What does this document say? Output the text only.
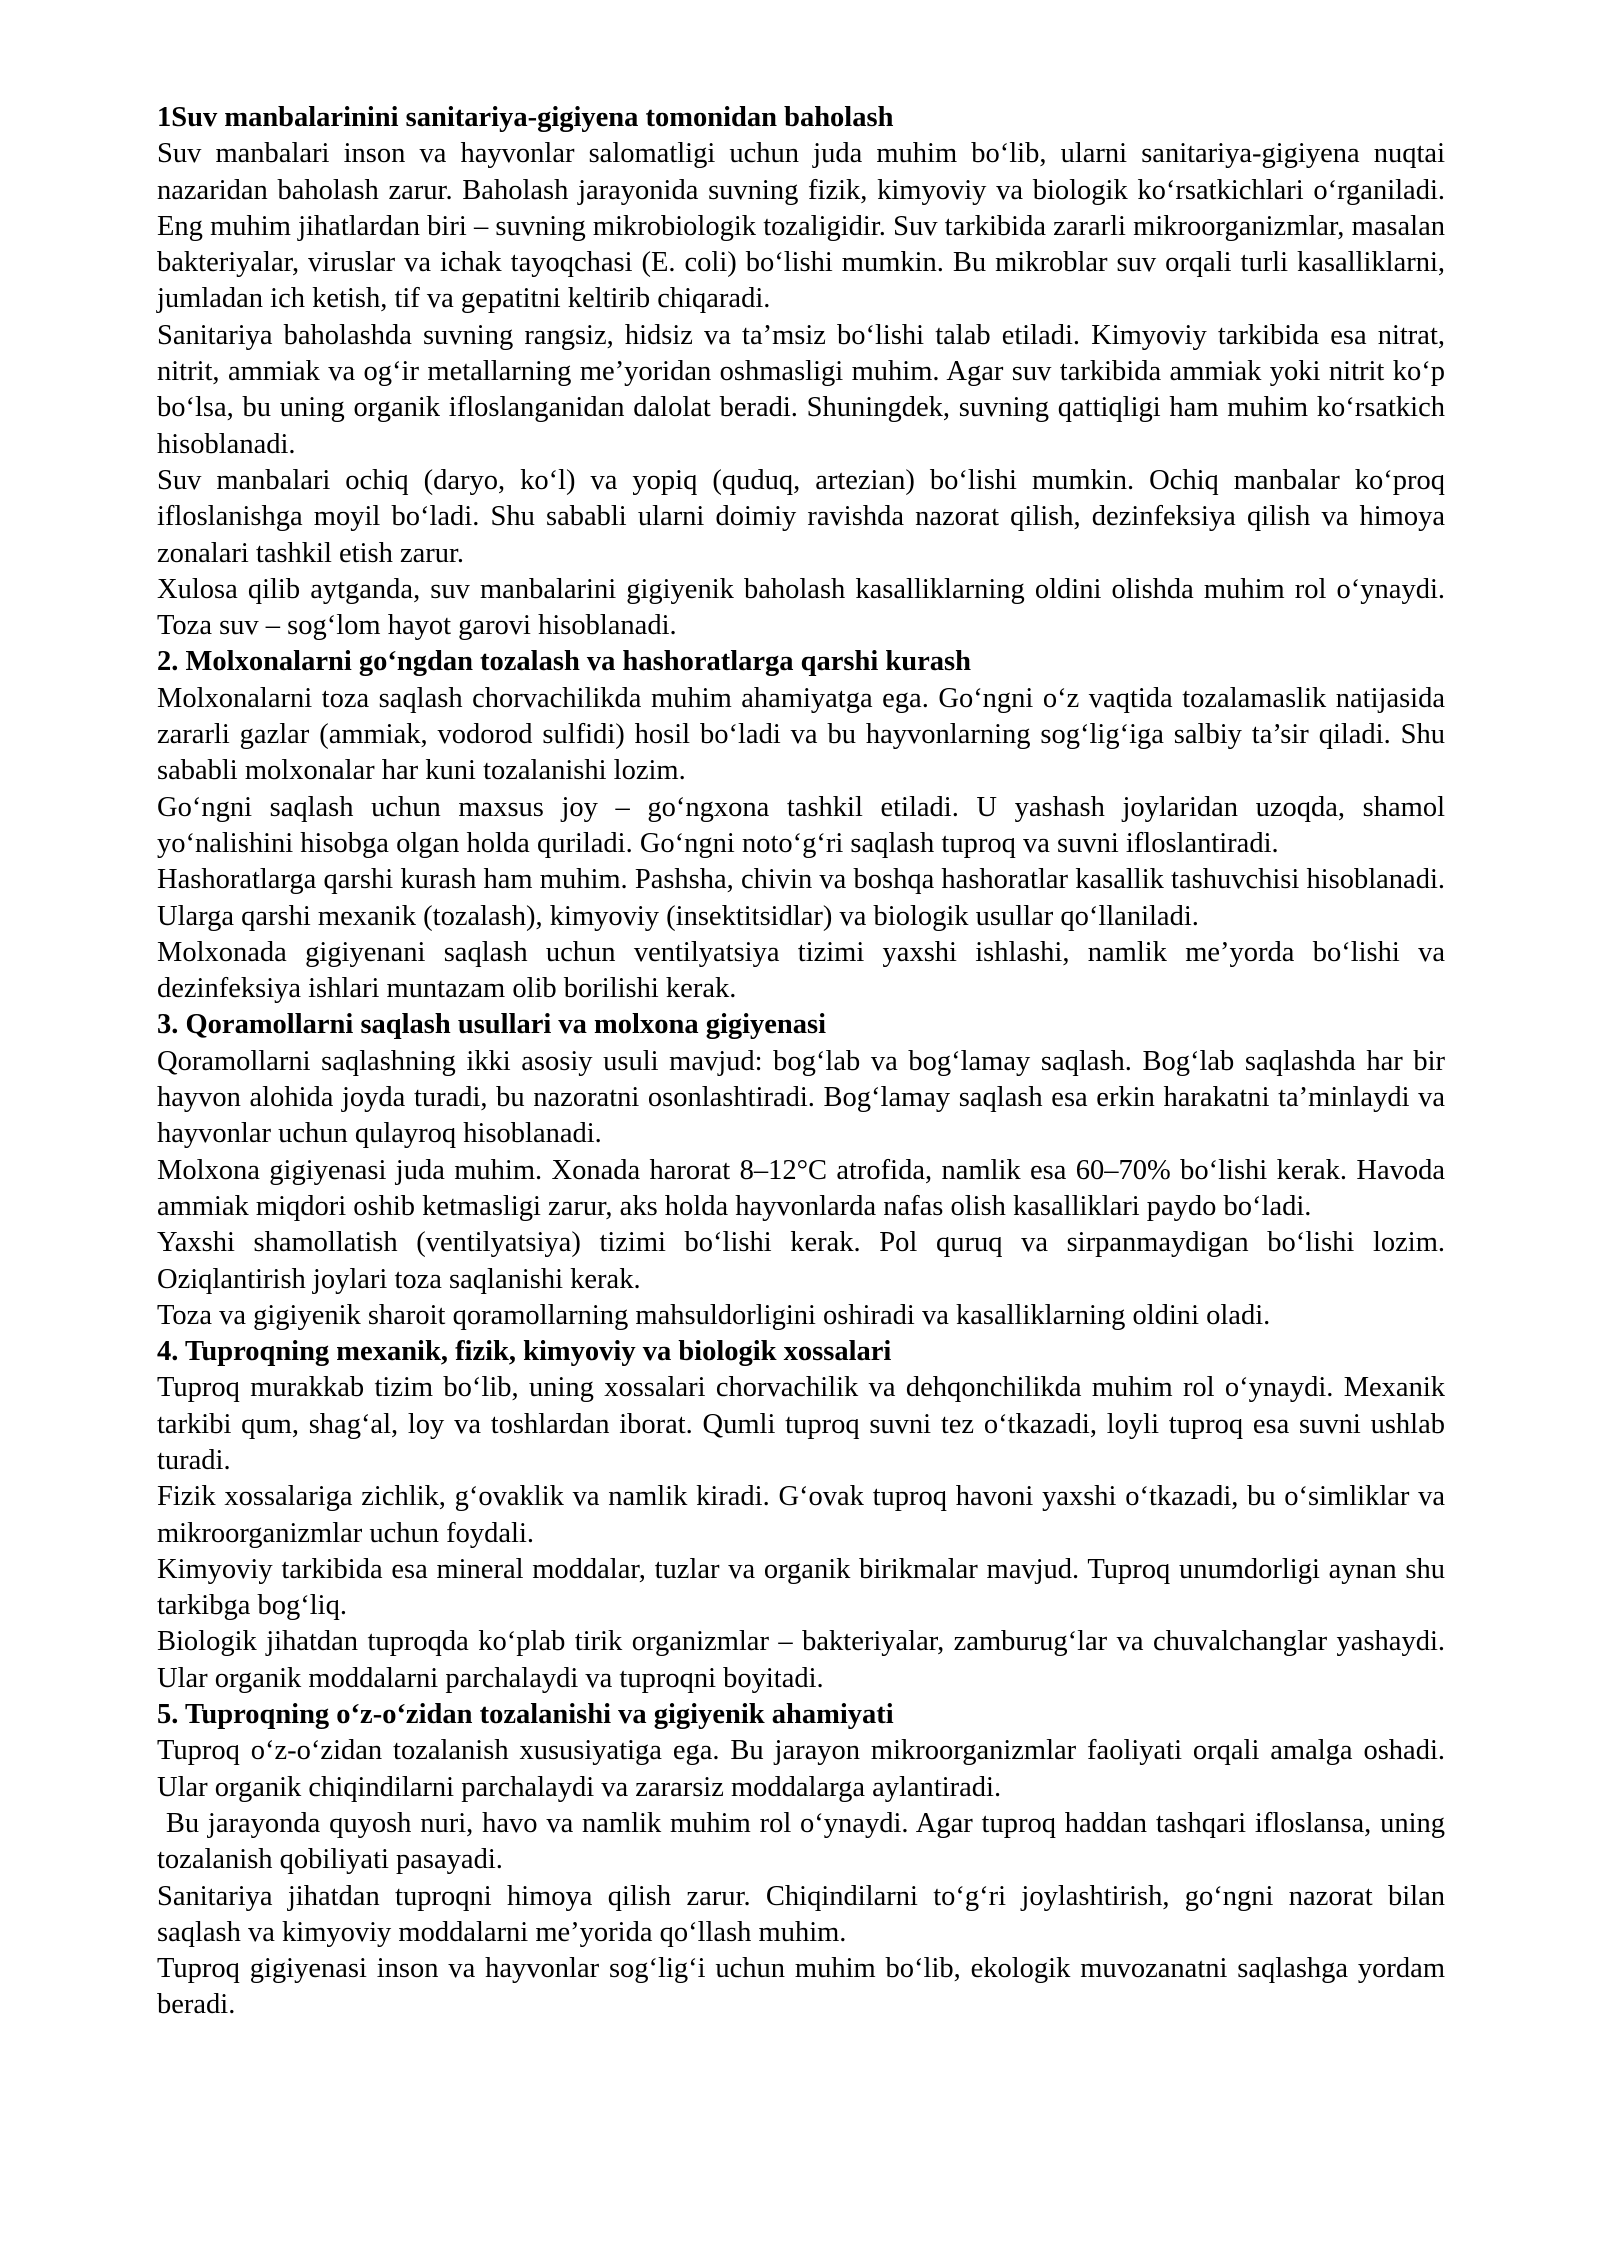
1Suv manbalarinini sanitariya-gigiyena tomonidan baholash

Suv manbalari inson va hayvonlar salomatligi uchun juda muhim bo‘lib, ularni sanitariya-gigiyena nuqtai nazaridan baholash zarur. Baholash jarayonida suvning fizik, kimyoviy va biologik ko‘rsatkichlari o‘rganiladi. Eng muhim jihatlardan biri – suvning mikrobiologik tozaligidir. Suv tarkibida zararli mikroorganizmlar, masalan bakteriyalar, viruslar va ichak tayoqchasi (E. coli) bo‘lishi mumkin. Bu mikroblar suv orqali turli kasalliklarni, jumladan ich ketish, tif va gepatitni keltirib chiqaradi.

Sanitariya baholashda suvning rangsiz, hidsiz va ta’msiz bo‘lishi talab etiladi. Kimyoviy tarkibida esa nitrat, nitrit, ammiak va og‘ir metallarning me’yoridan oshmasligi muhim. Agar suv tarkibida ammiak yoki nitrit ko‘p bo‘lsa, bu uning organik ifloslanganidan dalolat beradi. Shuningdek, suvning qattiqligi ham muhim ko‘rsatkich hisoblanadi.

Suv manbalari ochiq (daryo, ko‘l) va yopiq (quduq, artezian) bo‘lishi mumkin. Ochiq manbalar ko‘proq ifloslanishga moyil bo‘ladi. Shu sababli ularni doimiy ravishda nazorat qilish, dezinfeksiya qilish va himoya zonalari tashkil etish zarur.

Xulosa qilib aytganda, suv manbalarini gigiyenik baholash kasalliklarning oldini olishda muhim rol o‘ynaydi. Toza suv – sog‘lom hayot garovi hisoblanadi.

2. Molxonalarni go‘ngdan tozalash va hashoratlarga qarshi kurash

Molxonalarni toza saqlash chorvachilikda muhim ahamiyatga ega. Go‘ngni o‘z vaqtida tozalamaslik natijasida zararli gazlar (ammiak, vodorod sulfidi) hosil bo‘ladi va bu hayvonlarning sog‘lig‘iga salbiy ta’sir qiladi. Shu sababli molxonalar har kuni tozalanishi lozim.

Go‘ngni saqlash uchun maxsus joy – go‘ngxona tashkil etiladi. U yashash joylaridan uzoqda, shamol yo‘nalishini hisobga olgan holda quriladi. Go‘ngni noto‘g‘ri saqlash tuproq va suvni ifloslantiradi.

Hashoratlarga qarshi kurash ham muhim. Pashsha, chivin va boshqa hashoratlar kasallik tashuvchisi hisoblanadi. Ularga qarshi mexanik (tozalash), kimyoviy (insektitsidlar) va biologik usullar qo‘llaniladi.

Molxonada gigiyenani saqlash uchun ventilyatsiya tizimi yaxshi ishlashi, namlik me’yorda bo‘lishi va dezinfeksiya ishlari muntazam olib borilishi kerak.

3. Qoramollarni saqlash usullari va molxona gigiyenasi

Qoramollarni saqlashning ikki asosiy usuli mavjud: bog‘lab va bog‘lamay saqlash. Bog‘lab saqlashda har bir hayvon alohida joyda turadi, bu nazoratni osonlashtiradi. Bog‘lamay saqlash esa erkin harakatni ta’minlaydi va hayvonlar uchun qulayroq hisoblanadi.

Molxona gigiyenasi juda muhim. Xonada harorat 8–12°C atrofida, namlik esa 60–70% bo‘lishi kerak. Havoda ammiak miqdori oshib ketmasligi zarur, aks holda hayvonlarda nafas olish kasalliklari paydo bo‘ladi.

Yaxshi shamollatish (ventilyatsiya) tizimi bo‘lishi kerak. Pol quruq va sirpanmaydigan bo‘lishi lozim. Oziqlantirish joylari toza saqlanishi kerak.

Toza va gigiyenik sharoit qoramollarning mahsuldorligini oshiradi va kasalliklarning oldini oladi.

4. Tuproqning mexanik, fizik, kimyoviy va biologik xossalari

Tuproq murakkab tizim bo‘lib, uning xossalari chorvachilik va dehqonchilikda muhim rol o‘ynaydi. Mexanik tarkibi qum, shag‘al, loy va toshlardan iborat. Qumli tuproq suvni tez o‘tkazadi, loyli tuproq esa suvni ushlab turadi.

Fizik xossalariga zichlik, g‘ovaklik va namlik kiradi. G‘ovak tuproq havoni yaxshi o‘tkazadi, bu o‘simliklar va mikroorganizmlar uchun foydali.

Kimyoviy tarkibida esa mineral moddalar, tuzlar va organik birikmalar mavjud. Tuproq unumdorligi aynan shu tarkibga bog‘liq.

Biologik jihatdan tuproqda ko‘plab tirik organizmlar – bakteriyalar, zamburug‘lar va chuvalchanglar yashaydi. Ular organik moddalarni parchalaydi va tuproqni boyitadi.

5. Tuproqning o‘z-o‘zidan tozalanishi va gigiyenik ahamiyati

Tuproq o‘z-o‘zidan tozalanish xususiyatiga ega. Bu jarayon mikroorganizmlar faoliyati orqali amalga oshadi. Ular organik chiqindilarni parchalaydi va zararsiz moddalarga aylantiradi.

Bu jarayonda quyosh nuri, havo va namlik muhim rol o‘ynaydi. Agar tuproq haddan tashqari ifloslansa, uning tozalanish qobiliyati pasayadi.

Sanitariya jihatdan tuproqni himoya qilish zarur. Chiqindilarni to‘g‘ri joylashtirish, go‘ngni nazorat bilan saqlash va kimyoviy moddalarni me’yorida qo‘llash muhim.

Tuproq gigiyenasi inson va hayvonlar sog‘lig‘i uchun muhim bo‘lib, ekologik muvozanatni saqlashga yordam beradi.
